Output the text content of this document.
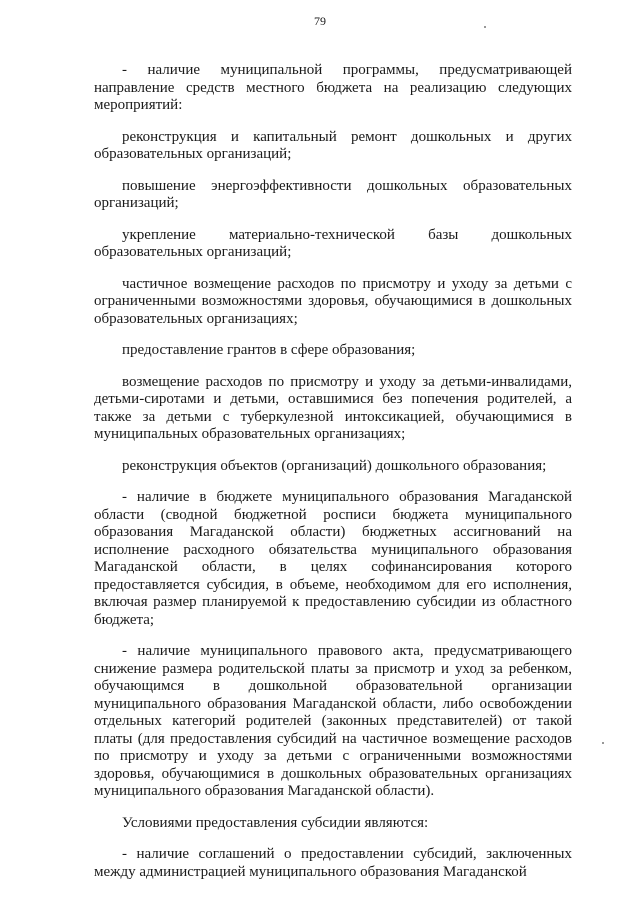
79

- наличие муниципальной программы, предусматривающей направление средств местного бюджета на реализацию следующих мероприятий:

реконструкция и капитальный ремонт дошкольных и других образовательных организаций;

повышение энергоэффективности дошкольных образовательных организаций;

укрепление материально-технической базы дошкольных образовательных организаций;

частичное возмещение расходов по присмотру и уходу за детьми с ограниченными возможностями здоровья, обучающимися в дошкольных образовательных организациях;

предоставление грантов в сфере образования;

возмещение расходов по присмотру и уходу за детьми-инвалидами, детьми-сиротами и детьми, оставшимися без попечения родителей, а также за детьми с туберкулезной интоксикацией, обучающимися в муниципальных образовательных организациях;

реконструкция объектов (организаций) дошкольного образования;

- наличие в бюджете муниципального образования Магаданской области (сводной бюджетной росписи бюджета муниципального образования Магаданской области) бюджетных ассигнований на исполнение расходного обязательства муниципального образования Магаданской области, в целях софинансирования которого предоставляется субсидия, в объеме, необходимом для его исполнения, включая размер планируемой к предоставлению субсидии из областного бюджета;

- наличие муниципального правового акта, предусматривающего снижение размера родительской платы за присмотр и уход за ребенком, обучающимся в дошкольной образовательной организации муниципального образования Магаданской области, либо освобождении отдельных категорий родителей (законных представителей) от такой платы (для предоставления субсидий на частичное возмещение расходов по присмотру и уходу за детьми с ограниченными возможностями здоровья, обучающимися в дошкольных образовательных организациях муниципального образования Магаданской области).

Условиями предоставления субсидии являются:

- наличие соглашений о предоставлении субсидий, заключенных между администрацией муниципального образования Магаданской
